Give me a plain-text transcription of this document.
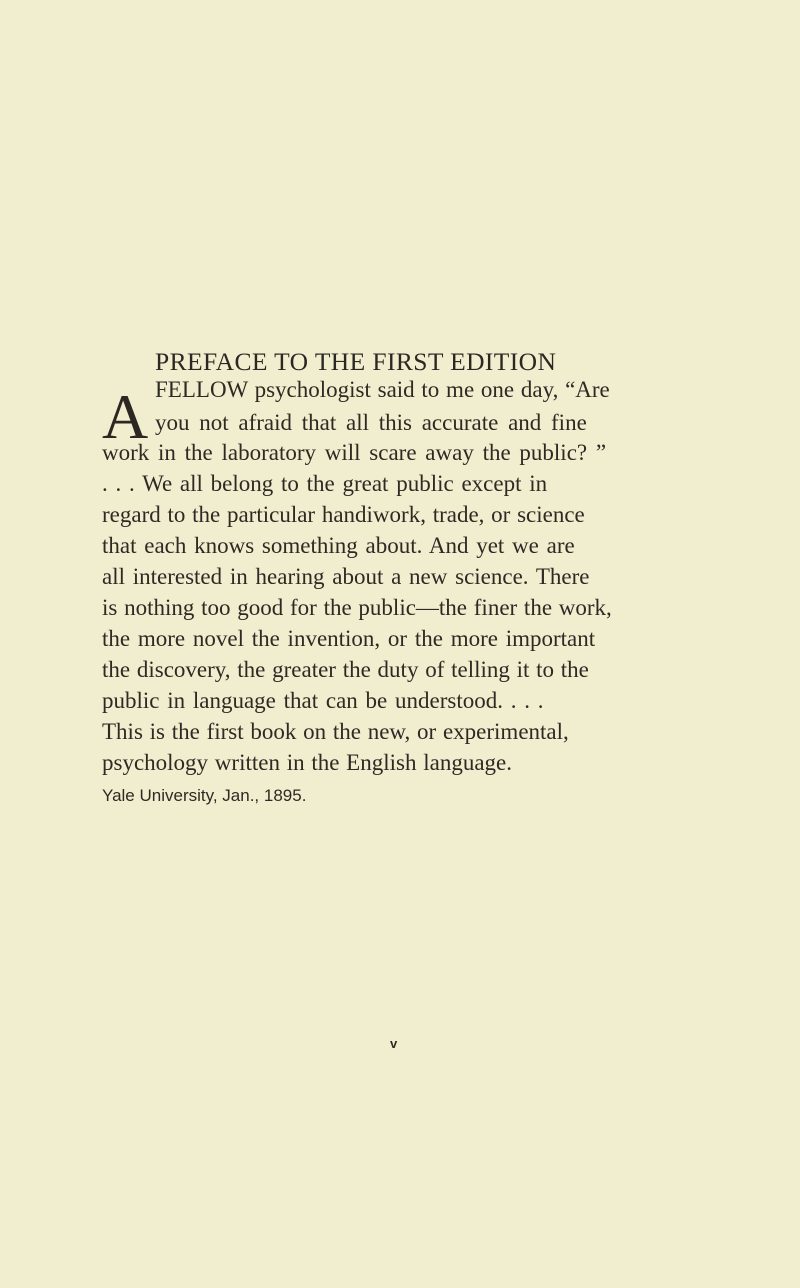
PREFACE TO THE FIRST EDITION
A FELLOW psychologist said to me one day, “Are
you not afraid that all this accurate and fine
work in the laboratory will scare away the public? ”
. . . We all belong to the great public except in
regard to the particular handiwork, trade, or science
that each knows something about. And yet we are
all interested in hearing about a new science. There
is nothing too good for the public—the finer the work,
the more novel the invention, or the more important
the discovery, the greater the duty of telling it to the
public in language that can be understood. . . .
This is the first book on the new, or experimental,
psychology written in the English language.
Yale University, Jan., 1895.
v
